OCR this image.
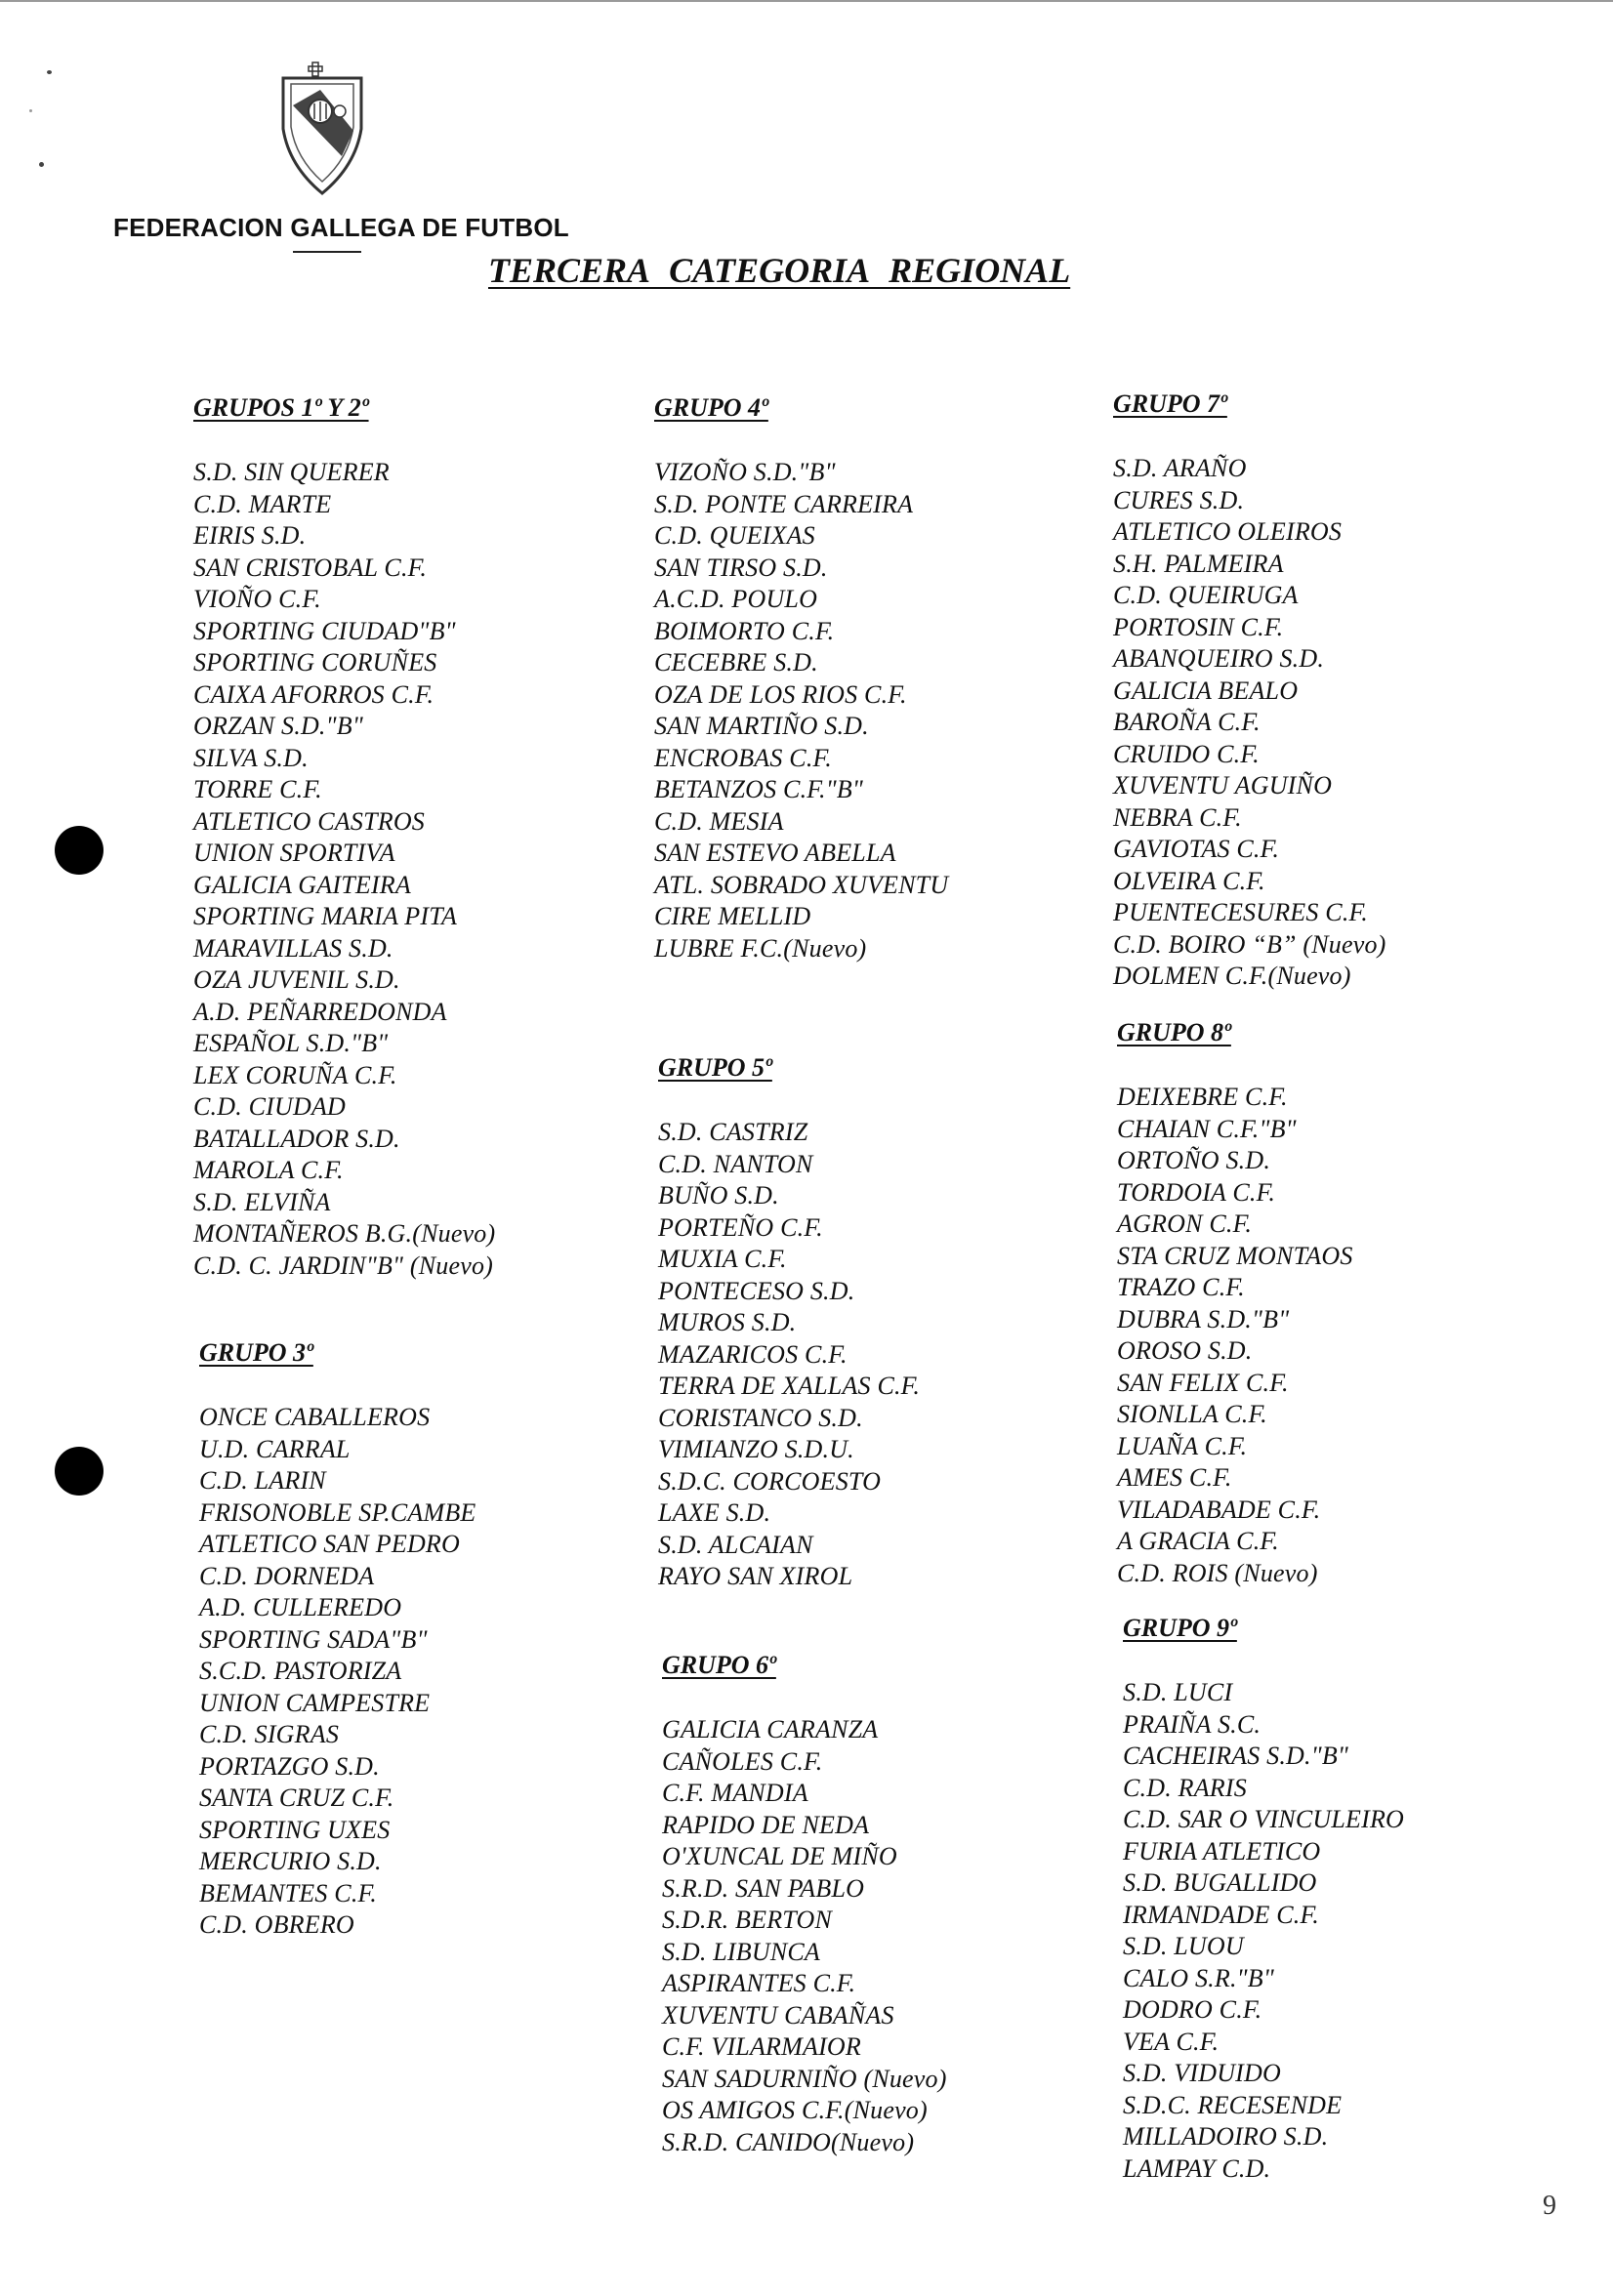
FEDERACION GALLEGA DE FUTBOL
TERCERA CATEGORIA REGIONAL
GRUPOS 1º Y 2º
S.D. SIN QUERER
C.D. MARTE
EIRIS S.D.
SAN CRISTOBAL C.F.
VIOÑO C.F.
SPORTING CIUDAD"B"
SPORTING CORUÑES
CAIXA AFORROS C.F.
ORZAN S.D."B"
SILVA S.D.
TORRE C.F.
ATLETICO CASTROS
UNION SPORTIVA
GALICIA GAITEIRA
SPORTING MARIA PITA
MARAVILLAS S.D.
OZA JUVENIL S.D.
A.D. PEÑARREDONDA
ESPAÑOL S.D."B"
LEX CORUÑA C.F.
C.D. CIUDAD
BATALLADOR S.D.
MAROLA C.F.
S.D. ELVIÑA
MONTAÑEROS B.G.(Nuevo)
C.D. C. JARDIN"B" (Nuevo)
GRUPO 3º
ONCE CABALLEROS
U.D. CARRAL
C.D. LARIN
FRISONOBLE SP.CAMBE
ATLETICO SAN PEDRO
C.D. DORNEDA
A.D. CULLEREDO
SPORTING SADA"B"
S.C.D. PASTORIZA
UNION CAMPESTRE
C.D. SIGRAS
PORTAZGO S.D.
SANTA CRUZ C.F.
SPORTING UXES
MERCURIO S.D.
BEMANTES C.F.
C.D. OBRERO
GRUPO 4º
VIZOÑO S.D."B"
S.D. PONTE CARREIRA
C.D. QUEIXAS
SAN TIRSO S.D.
A.C.D. POULO
BOIMORTO C.F.
CECEBRE S.D.
OZA DE LOS RIOS C.F.
SAN MARTIÑO S.D.
ENCROBAS C.F.
BETANZOS C.F."B"
C.D. MESIA
SAN ESTEVO ABELLA
ATL. SOBRADO XUVENTU
CIRE MELLID
LUBRE F.C.(Nuevo)
GRUPO 5º
S.D. CASTRIZ
C.D. NANTON
BUÑO S.D.
PORTEÑO C.F.
MUXIA C.F.
PONTECESO S.D.
MUROS S.D.
MAZARICOS C.F.
TERRA DE XALLAS C.F.
CORISTANCO S.D.
VIMIANZO S.D.U.
S.D.C. CORCOESTO
LAXE S.D.
S.D. ALCAIAN
RAYO SAN XIROL
GRUPO 6º
GALICIA CARANZA
CAÑOLES C.F.
C.F. MANDIA
RAPIDO DE NEDA
O'XUNCAL DE MIÑO
S.R.D. SAN PABLO
S.D.R. BERTON
S.D. LIBUNCA
ASPIRANTES C.F.
XUVENTU CABAÑAS
C.F. VILARMAIOR
SAN SADURNIÑO (Nuevo)
OS AMIGOS C.F.(Nuevo)
S.R.D. CANIDO(Nuevo)
GRUPO 7º
S.D. ARAÑO
CURES S.D.
ATLETICO OLEIROS
S.H. PALMEIRA
C.D. QUEIRUGA
PORTOSIN C.F.
ABANQUEIRO S.D.
GALICIA BEALO
BAROÑA C.F.
CRUIDO C.F.
XUVENTU AGUIÑO
NEBRA C.F.
GAVIOTAS C.F.
OLVEIRA C.F.
PUENTECESURES C.F.
C.D. BOIRO “B” (Nuevo)
DOLMEN C.F.(Nuevo)
GRUPO 8º
DEIXEBRE C.F.
CHAIAN C.F."B"
ORTOÑO S.D.
TORDOIA C.F.
AGRON C.F.
STA CRUZ MONTAOS
TRAZO C.F.
DUBRA S.D."B"
OROSO S.D.
SAN FELIX C.F.
SIONLLA C.F.
LUAÑA C.F.
AMES C.F.
VILADABADE C.F.
A GRACIA C.F.
C.D. ROIS (Nuevo)
GRUPO 9º
S.D. LUCI
PRAIÑA S.C.
CACHEIRAS S.D."B"
C.D. RARIS
C.D. SAR O VINCULEIRO
FURIA ATLETICO
S.D. BUGALLIDO
IRMANDADE C.F.
S.D. LUOU
CALO S.R."B"
DODRO C.F.
VEA C.F.
S.D. VIDUIDO
S.D.C. RECESENDE
MILLADOIRO S.D.
LAMPAY C.D.

9
